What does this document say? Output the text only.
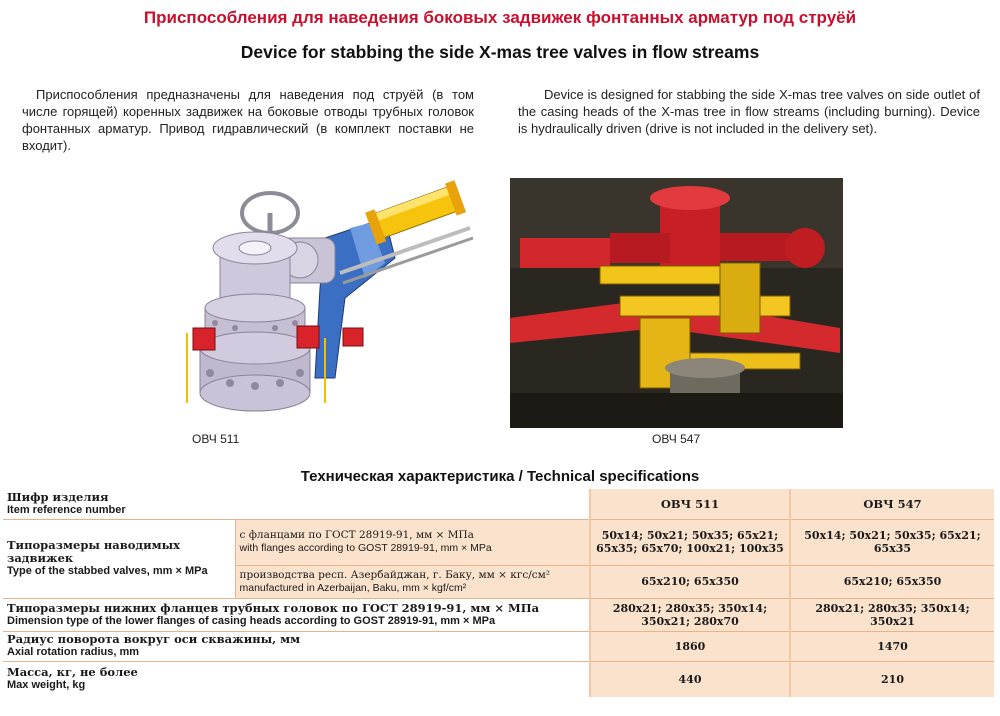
Приспособления для наведения боковых задвижек фонтанных арматур под струёй
Device for stabbing the side X-mas tree valves in flow streams

Приспособления предназначены для наведения под струёй (в том числе горящей) коренных задвижек на боковые отводы трубных головок фонтанных арматур. Привод гидравлический (в комплект поставки не входит).

Device is designed for stabbing the side X-mas tree valves on side outlet of the casing heads of the X-mas tree in flow streams (including burning). Device is hydraulically driven (drive is not included in the delivery set).

ОВЧ 511	ОВЧ 547
Техническая характеристика / Technical specifications
Шифр изделия
Item reference number		ОВЧ 511	ОВЧ 547

Типоразмеры наводимых задвижек
Type of the stabbed valves, mm × MPa	с фланцами по ГОСТ 28919-91, мм × МПа
with flanges according to GOST 28919-91, mm × MPa	50х14; 50х21; 50х35; 65х21; 65х35; 65х70; 100х21; 100х35	50х14; 50х21; 50х35; 65х21; 65х35

	производства респ. Азербайджан, г. Баку, мм × кгс/см²
manufactured in Azerbaijan, Baku, mm × kgf/cm²	65х210; 65х350	65х210; 65х350

Типоразмеры нижних фланцев трубных головок по ГОСТ 28919-91, мм × МПа
Dimension type of the lower flanges of casing heads according to GOST 28919-91, mm × MPa		280х21; 280х35; 350х14; 350х21; 280х70	280х21; 280х35; 350х14; 350х21

Радиус поворота вокруг оси скважины, мм
Axial rotation radius, mm		1860	1470

Масса, кг, не более
Max weight, kg		440	210
